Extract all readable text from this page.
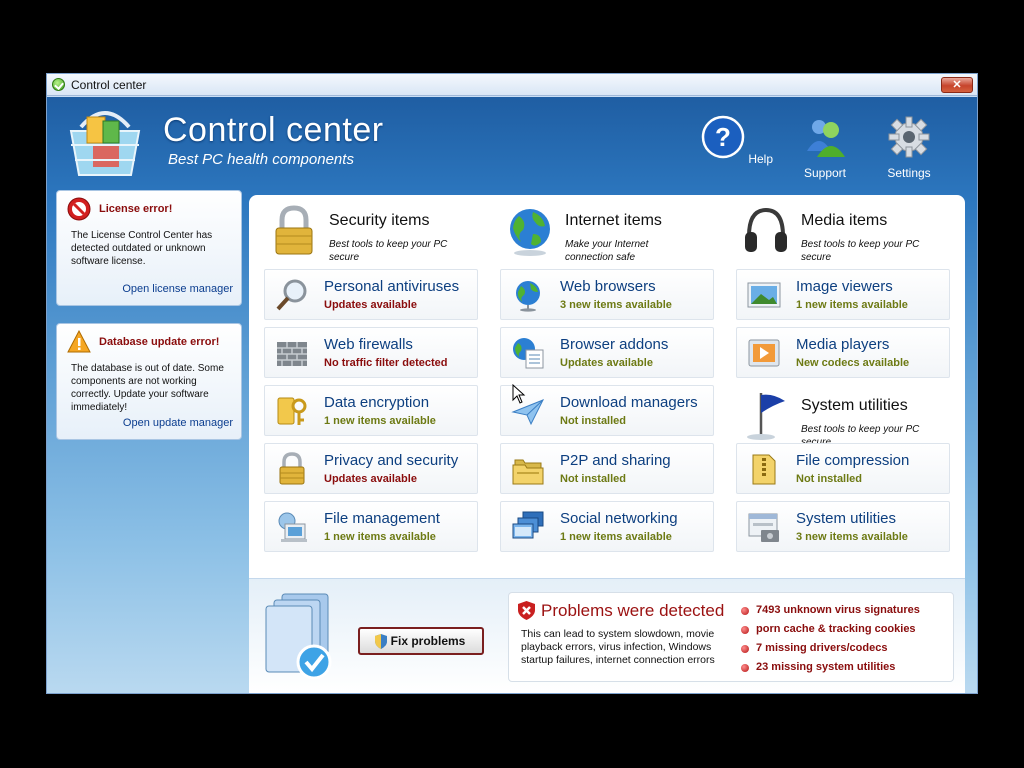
Control center	✕
Control center
Best PC health components
?
Help
Support	Settings
License error!
The License Control Center has detected outdated or unknown software license.
Open license manager
Database update error!
The database is out of date. Some components are not working correctly. Update your software immediately!
Open update manager
Security items
Best tools to keep your PC secure
Internet items
Make your Internet connection safe
Media items
Best tools to keep your PC secure
System utilities
Best tools to keep your PC
Personal antiviruses
Updates available
Web firewalls
No traffic filter detected
Data encryption
1 new items available
Privacy and security
Updates available
File management
1 new items available
Web browsers
3 new items available
Browser addons
Updates available
Download managers
Not installed
P2P and sharing
Not installed
Social networking
1 new items available
Image viewers
1 new items available
Media players
New codecs available
File compression
Not installed
System utilities
3 new items available
Fix problems
Problems were detected
This can lead to system slowdown, movie playback errors, virus infection, Windows startup failures, internet connection errors
7493 unknown virus signatures
porn cache & tracking cookies
7 missing drivers/codecs
23 missing system utilities
